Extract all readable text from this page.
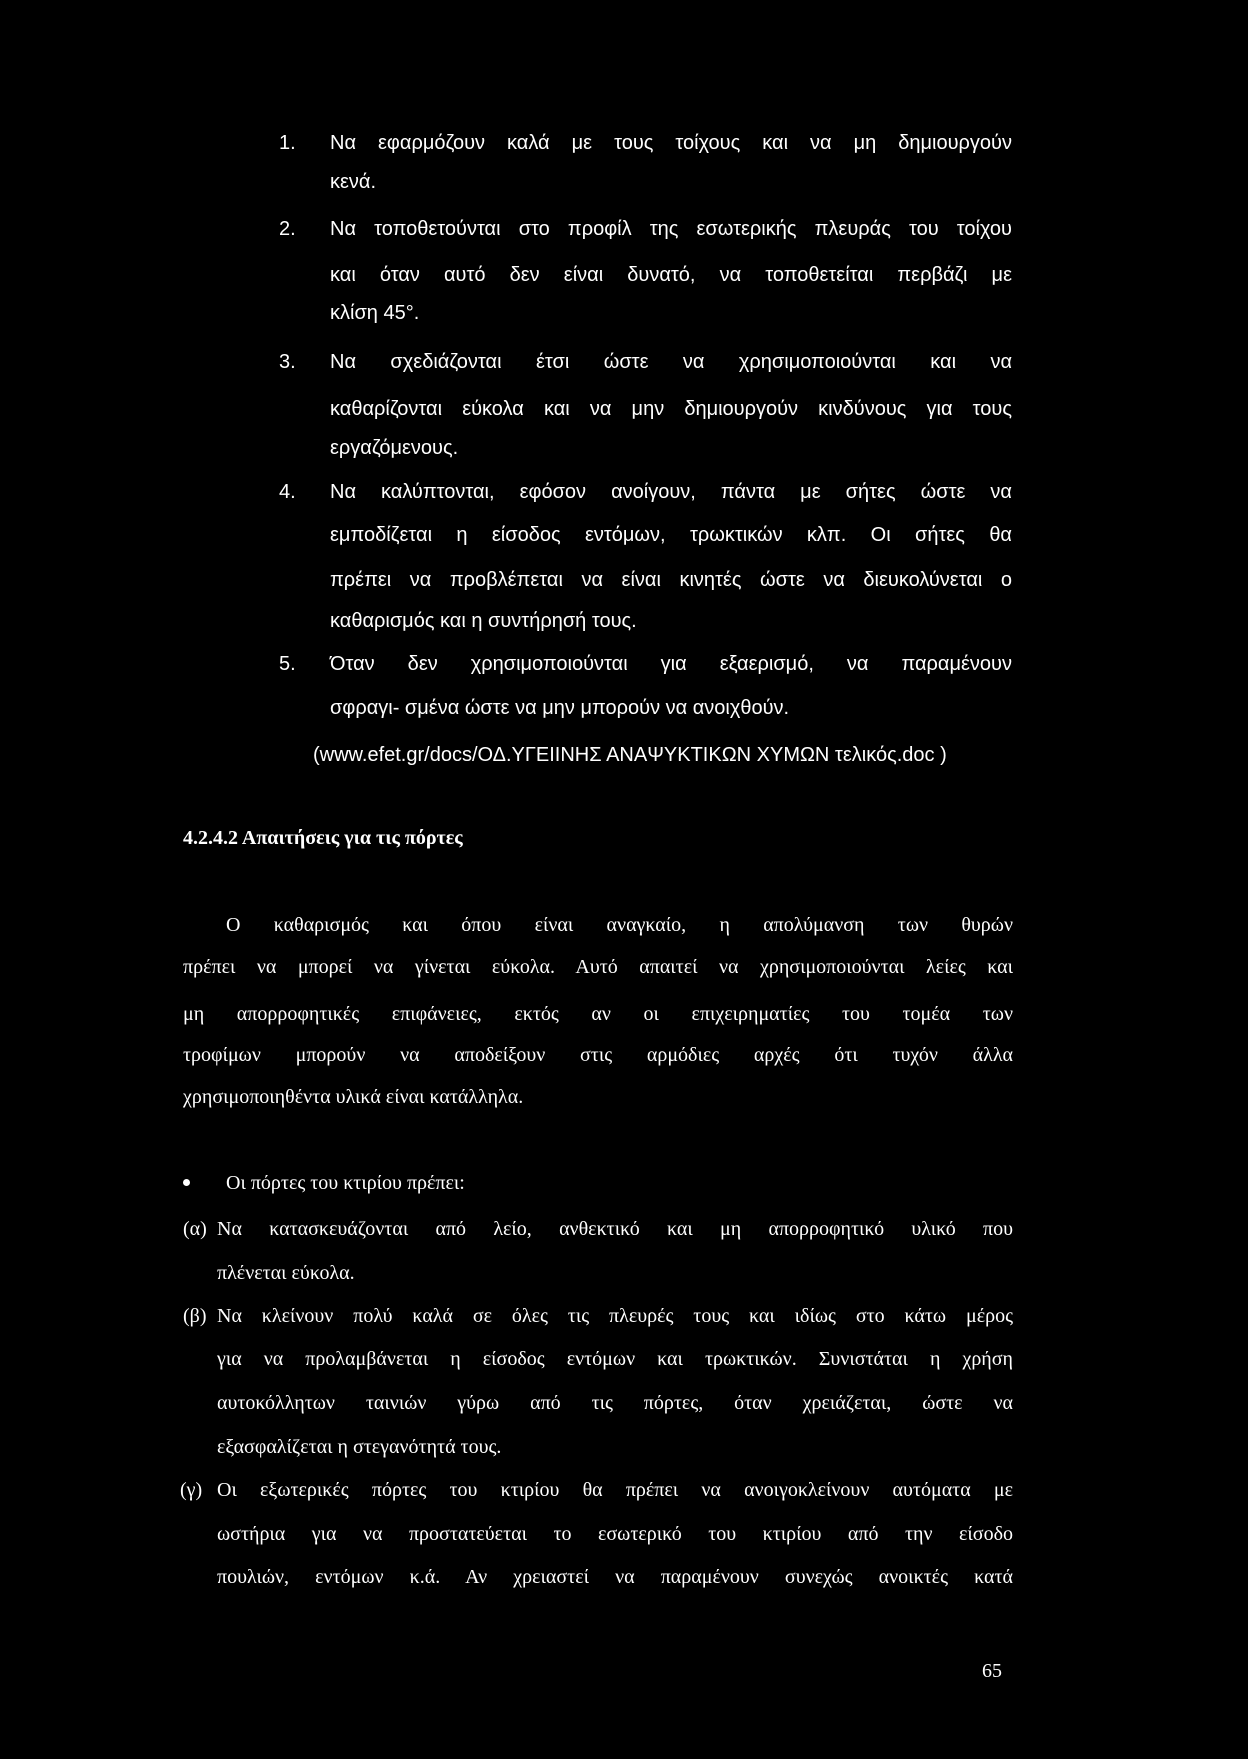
1. Να εφαρμόζουν καλά με τους τοίχους και να μη δημιουργούν
κενά.
2. Να τοποθετούνται στο προφίλ της εσωτερικής πλευράς του τοίχου
και όταν αυτό δεν είναι δυνατό, να τοποθετείται περβάζι με
κλίση 45°.
3. Να σχεδιάζονται έτσι ώστε να χρησιμοποιούνται και να
καθαρίζονται εύκολα και να μην δημιουργούν κινδύνους για τους
εργαζόμενους.
4. Να καλύπτονται, εφόσον ανοίγουν, πάντα με σήτες ώστε να
εμποδίζεται η είσοδος εντόμων, τρωκτικών κλπ. Οι σήτες θα
πρέπει να προβλέπεται να είναι κινητές ώστε να διευκολύνεται ο
καθαρισμός και η συντήρησή τους.
5. Όταν δεν χρησιμοποιούνται για εξαερισμό, να παραμένουν
σφραγι- σμένα ώστε να μην μπορούν να ανοιχθούν.
(www.efet.gr/docs/ΟΔ.ΥΓΕΙΙΝΗΣ ΑΝΑΨΥΚΤΙΚΩΝ ΧΥΜΩΝ τελικός.doc )
4.2.4.2 Απαιτήσεις για τις πόρτες
Ο καθαρισμός και όπου είναι αναγκαίο, η απολύμανση των θυρών
πρέπει να μπορεί να γίνεται εύκολα. Αυτό απαιτεί να χρησιμοποιούνται λείες και
μη απορροφητικές επιφάνειες, εκτός αν οι επιχειρηματίες του τομέα των
τροφίμων μπορούν να αποδείξουν στις αρμόδιες αρχές ότι τυχόν άλλα
χρησιμοποιηθέντα υλικά είναι κατάλληλα.
Οι πόρτες του κτιρίου πρέπει:
(α) Να κατασκευάζονται από λείο, ανθεκτικό και μη απορροφητικό υλικό που
πλένεται εύκολα.
(β) Να κλείνουν πολύ καλά σε όλες τις πλευρές τους και ιδίως στο κάτω μέρος
για να προλαμβάνεται η είσοδος εντόμων και τρωκτικών. Συνιστάται η χρήση
αυτοκόλλητων ταινιών γύρω από τις πόρτες, όταν χρειάζεται, ώστε να
εξασφαλίζεται η στεγανότητά τους.
(γ) Οι εξωτερικές πόρτες του κτιρίου θα πρέπει να ανοιγοκλείνουν αυτόματα με
ωστήρια για να προστατεύεται το εσωτερικό του κτιρίου από την είσοδο
πουλιών, εντόμων κ.ά. Αν χρειαστεί να παραμένουν συνεχώς ανοικτές κατά
65
